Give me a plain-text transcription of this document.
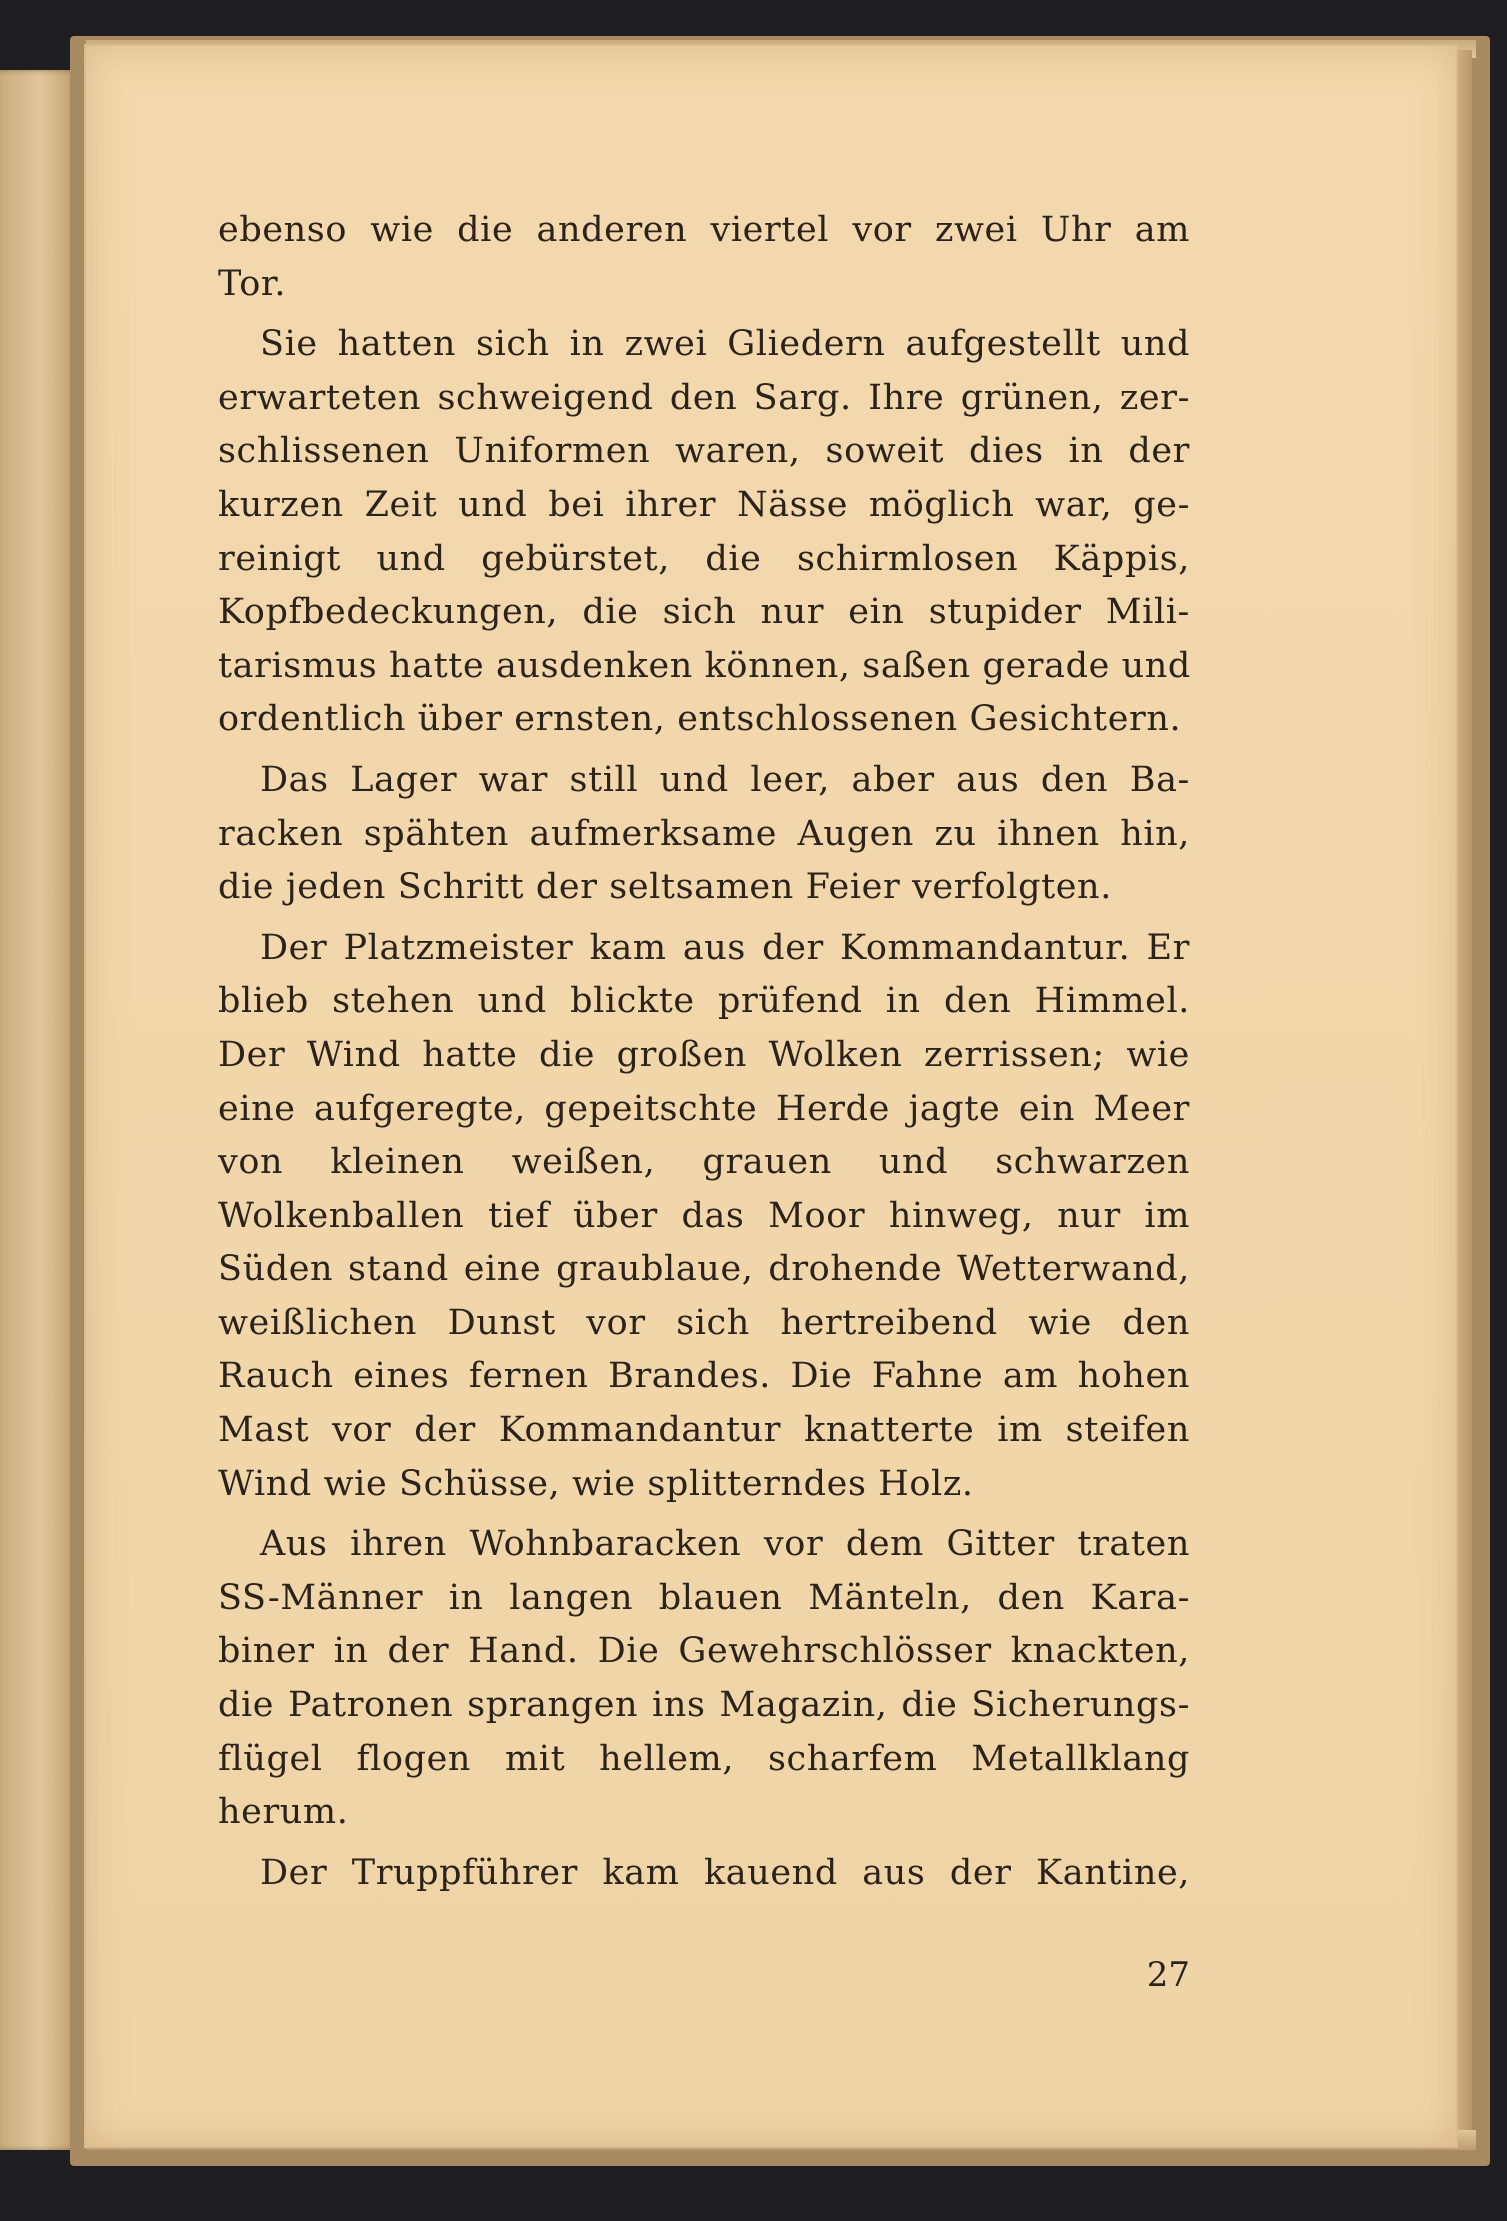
ebenso wie die anderen viertel vor zwei Uhr am
Tor.
Sie hatten sich in zwei Gliedern aufgestellt und
erwarteten schweigend den Sarg. Ihre grünen, zer-
schlissenen Uniformen waren, soweit dies in der
kurzen Zeit und bei ihrer Nässe möglich war, ge-
reinigt und gebürstet, die schirmlosen Käppis,
Kopfbedeckungen, die sich nur ein stupider Mili-
tarismus hatte ausdenken können, saßen gerade und
ordentlich über ernsten, entschlossenen Gesichtern.
Das Lager war still und leer, aber aus den Ba-
racken spähten aufmerksame Augen zu ihnen hin,
die jeden Schritt der seltsamen Feier verfolgten.
Der Platzmeister kam aus der Kommandantur. Er
blieb stehen und blickte prüfend in den Himmel.
Der Wind hatte die großen Wolken zerrissen; wie
eine aufgeregte, gepeitschte Herde jagte ein Meer
von kleinen weißen, grauen und schwarzen
Wolkenballen tief über das Moor hinweg, nur im
Süden stand eine graublaue, drohende Wetterwand,
weißlichen Dunst vor sich hertreibend wie den
Rauch eines fernen Brandes. Die Fahne am hohen
Mast vor der Kommandantur knatterte im steifen
Wind wie Schüsse, wie splitterndes Holz.
Aus ihren Wohnbaracken vor dem Gitter traten
SS-Männer in langen blauen Mänteln, den Kara-
biner in der Hand. Die Gewehrschlösser knackten,
die Patronen sprangen ins Magazin, die Sicherungs-
flügel flogen mit hellem, scharfem Metallklang
herum.
Der Truppführer kam kauend aus der Kantine,
27
